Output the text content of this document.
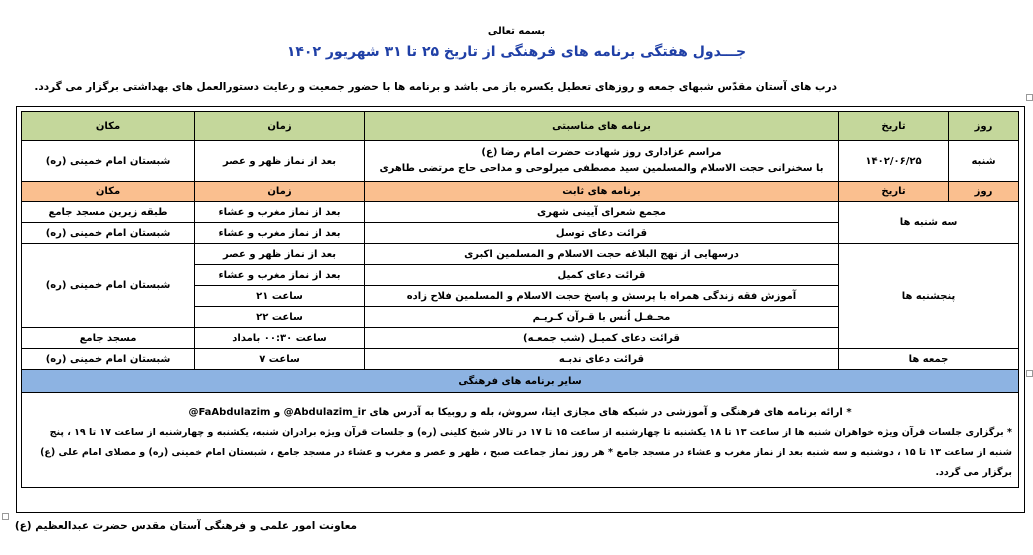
بسمه تعالی
جـــدول هفتگی برنامه های فرهنگی از تاریخ ۲۵ تا ۳۱ شهریور ۱۴۰۲
درب های آستان مقدّس شبهای جمعه و روزهای تعطیل یکسره باز می باشد و برنامه ها با حضور جمعیت و رعایت دستورالعمل های بهداشتی برگزار می گردد.
روز	تاریخ	برنامه های مناسبتی	زمان	مکان
شنبه	۱۴۰۲/۰۶/۲۵	مراسم عزاداری روز شهادت حضرت امام رضا (ع)
با سخنرانی حجت الاسلام والمسلمین سید مصطفی میرلوحی و مداحی حاج مرتضی طاهری	بعد از نماز ظهر و عصر	شبستان امام خمینی (ره)
روز	تاریخ	برنامه های ثابت	زمان	مکان
سه شنبه ها		مجمع شعرای آیینی شهری	بعد از نماز مغرب و عشاء	طبقه زیرین مسجد جامع
		قرائت دعای توسل	بعد از نماز مغرب و عشاء	شبستان امام خمینی (ره)
پنجشنبه ها		درسهایی از نهج البلاغه حجت الاسلام و المسلمین اکبری	بعد از نماز ظهر و عصر	شبستان امام خمینی (ره)
		قرائت دعای کمیل	بعد از نماز مغرب و عشاء	
		آموزش فقه زندگی همراه با پرسش و پاسخ حجت الاسلام و المسلمین فلاح زاده	ساعت ۲۱	
		محـفـل اُنس با قـرآن کـریـم	ساعت ۲۲	
		قرائت دعای کمیـل (شب جمعـه)	ساعت ۰۰:۳۰ بامداد	مسجد جامع
جمعه ها		قرائت دعای ندبـه	ساعت ۷	شبستان امام خمینی (ره)
سایر برنامه های فرهنگی				

* ارائه برنامه های فرهنگی و آموزشی در شبکه های مجازی ایتا، سروش، بله و روبیکا به آدرس های @Abdulazim_ir و @FaAbdulazim
* برگزاری جلسات قرآن ویژه خواهران شنبه ها از ساعت ۱۳ تا ۱۸ یکشنبه تا چهارشنبه از ساعت ۱۵ تا ۱۷ در تالار شیخ کلینی (ره) و جلسات قرآن ویژه برادران شنبه، یکشنبه و چهارشنبه از ساعت ۱۷ تا ۱۹ ، پنج شنبه از ساعت ۱۳ تا ۱۵ ، دوشنبه و سه شنبه بعد از نماز مغرب و عشاء در مسجد جامع * هر روز نماز جماعت صبح ، ظهر و عصر و مغرب و عشاء در مسجد جامع ، شبستان امام خمینی (ره) و مصلای امام علی (ع) برگزار می گردد.				
معاونت امور علمی و فرهنگی آستان مقدس حضرت عبدالعظیم (ع)
